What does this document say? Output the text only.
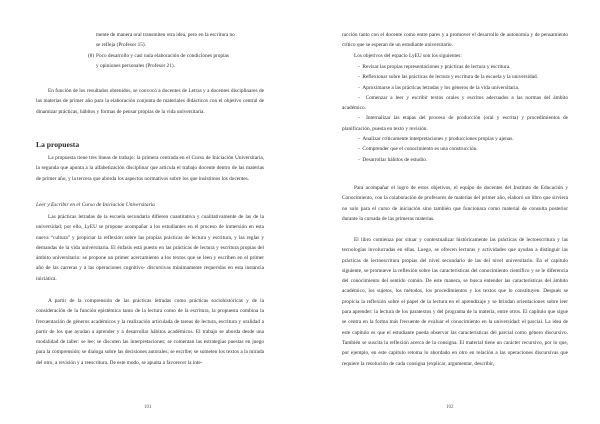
mente de manera oral transmiten otra idea, pero en la escritura no

se refleja (Profesor 15).

(8) Poco desarrollo y casi nula elaboración de condiciones propias

y opiniones personales (Profesor 21).

En función de los resultados obtenidos, se convocó a docentes de Letras y a docentes disciplinares de las materias de primer año para la elaboración conjunta de materiales didácticos con el objetivo central de dinamizar prácticas, hábitos y formas de pensar propias de la vida universitaria.

La propuesta

La propuesta tiene tres líneas de trabajo: la primera centrada en el Curso de Iniciación Universitaria, la segunda que apunta a la alfabetización disciplinar que articula el trabajo docente dentro de las materias de primer año, y la tercera que aborda los aspectos normativos sobre los que insistimos los docentes.

Leer y Escribir en el Curso de Iniciación Universitaria

Las prácticas letradas de la escuela secundaria difieren cuantitativa y cualitativamente de las de la universidad; por ello, LyEU se propone acompañar a los estudiantes en el proceso de inmersión en esta nueva “cultura” y propiciar la reflexión sobre las propias prácticas de lectura y escritura, y las reglas y demandas de la vida universitaria. El énfasis está puesto en las prácticas de lectura y escritura propias del ámbito universitario: se propone un primer acercamiento a los textos que se leen y escriben en el primer año de las carreras y a las operaciones cognitivo- discursivas mínimamente requeridas en esta instancia iniciática.

A partir de la comprensión de las prácticas letradas como prácticas sociohistóricas y de la consideración de la función epistémica tanto de la lectura como de la escritura, la propuesta combina la frecuentación de géneros académicos y la realización articulada de tareas de lectura, escritura y oralidad a partir de los que ayudan a aprender y a desarrollar hábitos académicos. El trabajo se aborda desde una modalidad de taller: se lee; se discuten las interpretaciones; se comentan las estrategias puestas en juego para la comprensión; se dialoga sobre las decisiones autorales; se escribe; se someten los textos a la mirada del otro, a revisión y a reescritura. De este modo, se apunta a favorecer la inte-

101

racción tanto con el docente como entre pares y a promover el desarrollo de autonomía y de pensamiento crítico que se esperan de un estudiante universitario.

Los objetivos del espacio LyEU son los siguientes:

-  Revisar las propias representaciones y prácticas de lectura y escritura.
-  Reflexionar sobre las prácticas de lectura y escritura de la escuela y la universidad.
-  Aproximarse a las prácticas letradas y los géneros de la vida universitaria.
-  Comenzar a leer y escribir textos orales y escritos adecuados a las normas del ámbito académico.
-  Internalizar las etapas del proceso de producción (oral y escrita) y procedimientos de planificación, puesta en texto y revisión.
-  Analizar críticamente interpretaciones y producciones propias y ajenas.
-  Comprender que el conocimiento es una construcción.
-  Desarrollar hábitos de estudio.

Para acompañar el logro de estos objetivos, el equipo de docentes del Instituto de Educación y Conocimiento, con la colaboración de profesores de materias del primer año, elaboró un libro que sirviera no solo para el curso de iniciación sino también que funcionara como material de consulta posterior durante la cursada de las primeras materias.

El libro comienza por situar y contextualizar históricamente las prácticas de lectoescritura y las tecnologías involucradas en ellas. Luego, se ofrecen lecturas y actividades que ayudan a distinguir las prácticas de lectoescritura propias del nivel secundario de las del nivel universitario. En el capítulo siguiente, se promueve la reflexión sobre las características del conocimiento científico y se le diferencia del conocimiento del sentido común. De este manera, se busca entender las características del ámbito académico, los sujetos, los métodos, los procedimientos y los textos que lo constituyen. Después se propicia la reflexión sobre el papel de la lectura en el aprendizaje y se brindan orientaciones sobre leer para aprender: la lectura de los paratextos y del programa de la materia, entre otros. El capítulo que sigue se centra en la forma más frecuente de evaluar el conocimiento en la universidad: el parcial. La idea de este capítulo es que el estudiante pueda observar las características del parcial como género discursivo. También se suscita la reflexión acerca de la consigna. El material tiene un carácter recursivo, por lo que, por ejemplo, en este capítulo retoma lo abordado en otro en relación a las operaciones discursivas que requiere la resolución de cada consigna (explicar, argumentar, describir,

102
